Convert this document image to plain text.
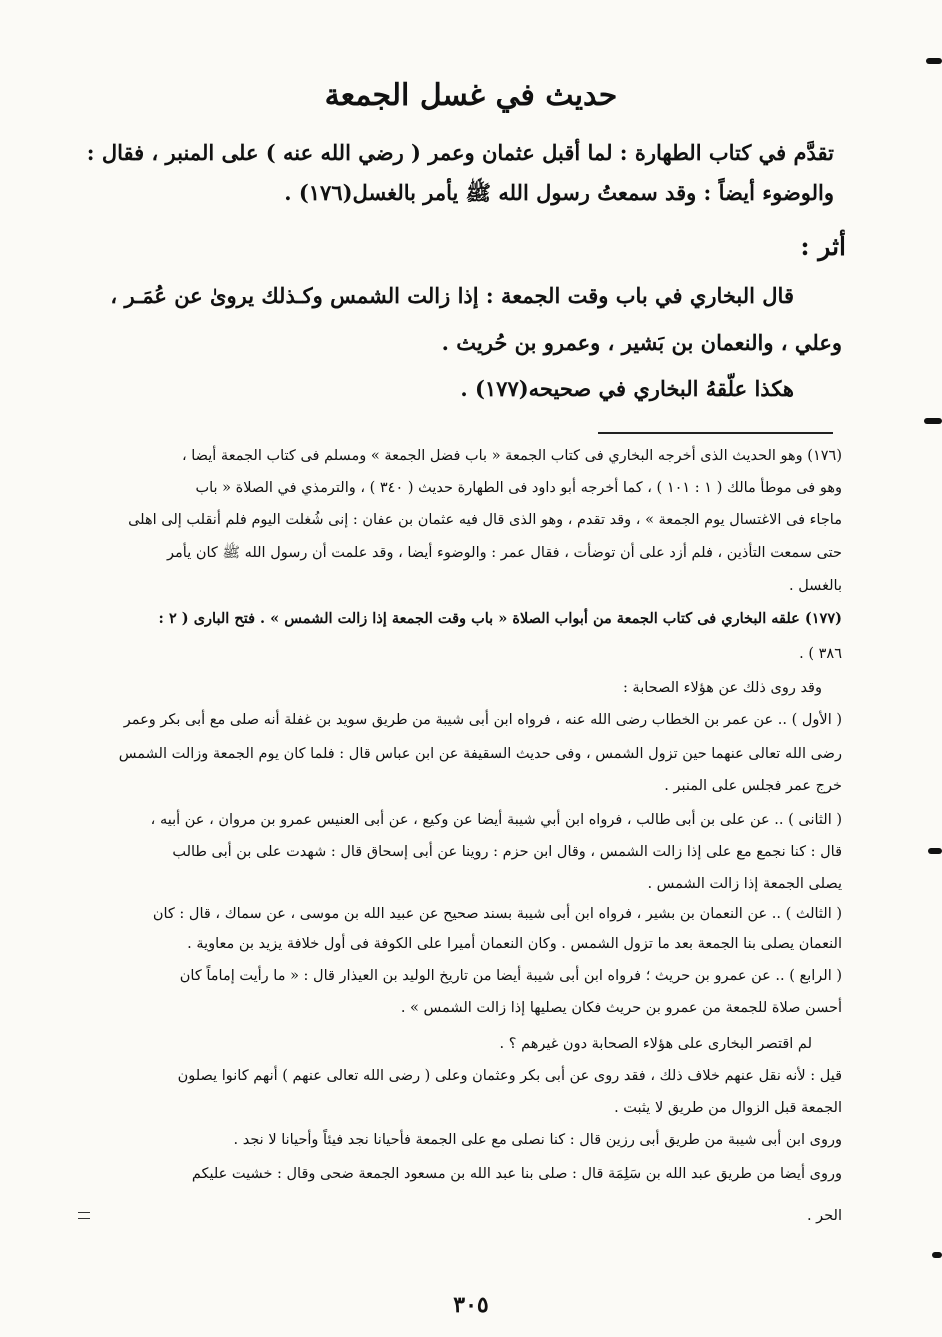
حديث في غسل الجمعة
تقدَّم في كتاب الطهارة : لما أقبل عثمان وعمر ( رضي الله عنه ) على المنبر ، فقال :
والوضوء أيضاً : وقد سمعتُ رسول الله ﷺ يأمر بالغسل(١٧٦) .
أثر :
قال البخاري في باب وقت الجمعة : إذا زالت الشمس وكـذلك يروىٰ عن عُمَـر ،
وعلي ، والنعمان بن بَشير ، وعمرو بن حُريث .
هكذا علّقهُ البخاري في صحيحه(١٧٧) .
(١٧٦) وهو الحديث الذى أخرجه البخاري فى كتاب الجمعة « باب فضل الجمعة » ومسلم فى كتاب الجمعة أيضا ،
وهو فى موطأ مالك ( ١ : ١٠١ ) ، كما أخرجه أبو داود فى الطهارة حديث ( ٣٤٠ ) ، والترمذي في الصلاة « باب
ماجاء فى الاغتسال يوم الجمعة » ، وقد تقدم ، وهو الذى قال فيه عثمان بن عفان : إنى شُغلت اليوم فلم أنقلب إلى اهلى
حتى سمعت التأذين ، فلم أزد على أن توضأت ، فقال عمر : والوضوء أيضا ، وقد علمت أن رسول الله ﷺ كان يأمر
بالغسل .
(١٧٧) علقه البخاري فى كتاب الجمعة من أبواب الصلاة « باب وقت الجمعة إذا زالت الشمس » . فتح البارى ( ٢ :
٣٨٦ ) .
وقد روى ذلك عن هؤلاء الصحابة :
( الأول ) .. عن عمر بن الخطاب رضى الله عنه ، فرواه ابن أبى شيبة من طريق سويد بن غفلة أنه صلى مع أبى بكر وعمر
رضى الله تعالى عنهما حين تزول الشمس ، وفى حديث السقيفة عن ابن عباس قال : فلما كان يوم الجمعة وزالت الشمس
خرج عمر فجلس على المنبر .
( الثانى ) .. عن على بن أبى طالب ، فرواه ابن أبي شيبة أيضا عن وكيع ، عن أبى العنيس عمرو بن مروان ، عن أبيه ،
قال : كنا نجمع مع على إذا زالت الشمس ، وقال ابن حزم : روينا عن أبى إسحاق قال : شهدت على بن أبى طالب
يصلى الجمعة إذا زالت الشمس .
( الثالث ) .. عن النعمان بن بشير ، فرواه ابن أبى شيبة بسند صحيح عن عبيد الله بن موسى ، عن سماك ، قال : كان
النعمان يصلى بنا الجمعة بعد ما تزول الشمس . وكان النعمان أميرا على الكوفة فى أول خلافة يزيد بن معاوية .
( الرابع ) .. عن عمرو بن حريث ؛ فرواه ابن أبى شيبة أيضا من تاريخ الوليد بن العيذار قال : « ما رأيت إماماً كان
أحسن صلاة للجمعة من عمرو بن حريث فكان يصليها إذا زالت الشمس » .
لم اقتصر البخارى على هؤلاء الصحابة دون غيرهم ؟ .
قيل : لأنه نقل عنهم خلاف ذلك ، فقد روى عن أبى بكر وعثمان وعلى ( رضى الله تعالى عنهم ) أنهم كانوا يصلون
الجمعة قبل الزوال من طريق لا يثبت .
وروى ابن أبى شيبة من طريق أبى رزين قال : كنا نصلى مع على الجمعة فأحيانا نجد فيئاً وأحيانا لا نجد .
وروى أيضا من طريق عبد الله بن سَلِمَة قال : صلى بنا عبد الله بن مسعود الجمعة ضحى وقال : خشيت عليكم
الحر .
٣٠٥
